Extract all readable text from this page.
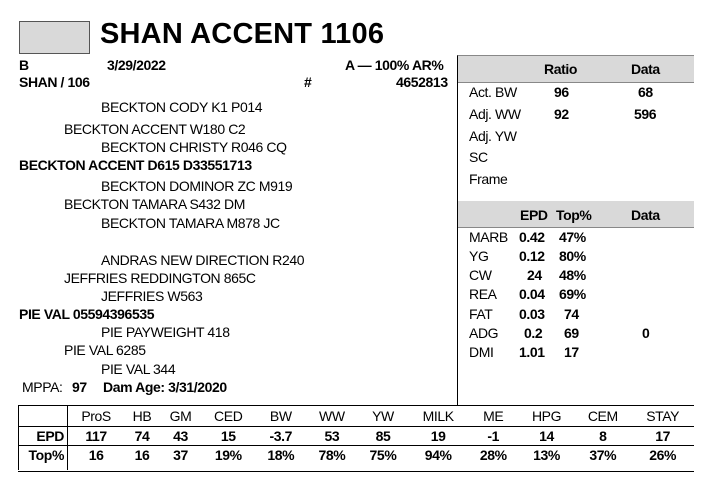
SHAN ACCENT 1106
B	3/29/2022	A — 100% AR%
SHAN / 106	#	4652813
BECKTON CODY K1 P014
BECKTON ACCENT W180 C2
BECKTON CHRISTY R046 CQ
BECKTON ACCENT D615 D33551713
BECKTON DOMINOR ZC M919
BECKTON TAMARA S432 DM
BECKTON TAMARA M878 JC
ANDRAS NEW DIRECTION R240
JEFFRIES REDDINGTON 865C
JEFFRIES W563
PIE VAL 05594396535
PIE PAYWEIGHT 418
PIE VAL 6285
PIE VAL 344
MPPA: 97 Dam Age: 3/31/2020
Ratio	Data
Act. BW	96	68
Adj. WW 92	596
Adj. YW
SC
Frame
EPD Top%	Data
MARB 0.42 47%
YG 0.12 80%
CW	24 48%
REA 0.04 69%
FAT 0.03 74
ADG 0.2 69	0
DMI 1.01 17
	ProS	HB	GM	CED	BW	WW	YW	MILK	ME	HPG	CEM	STAY
EPD	117	74	43	15	-3.7	53	85	19	-1	14	8	17
Top%	16	16	37	19%	18%	78%	75%	94%	28%	13%	37%	26%
